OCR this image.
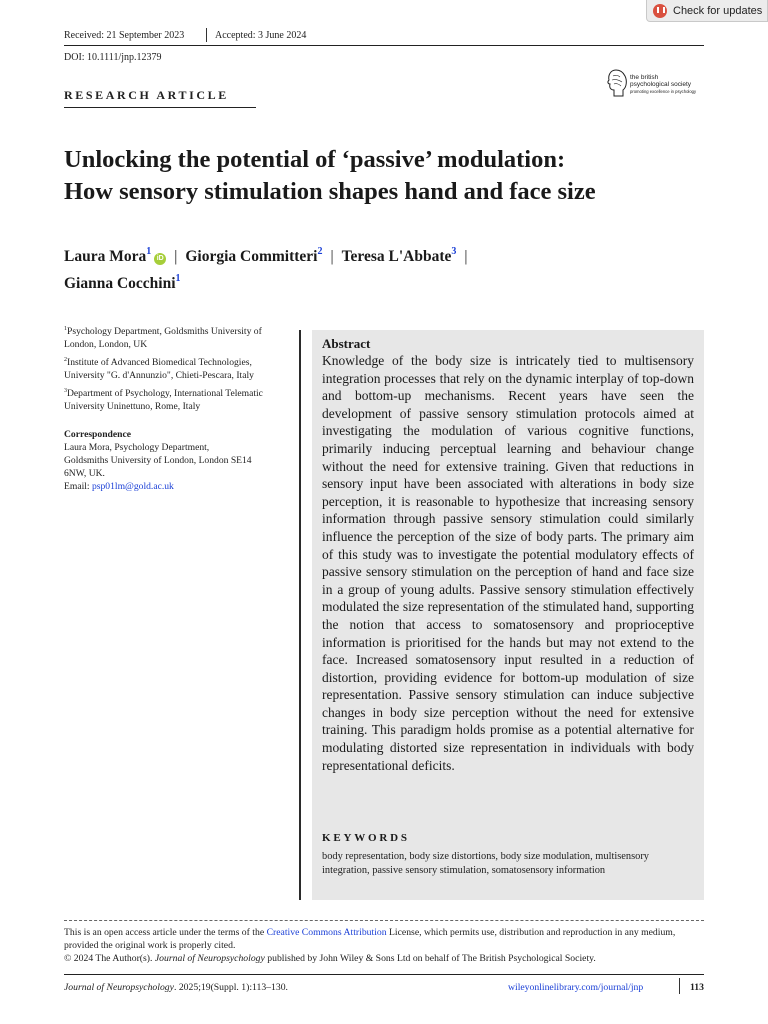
Check for updates
Received: 21 September 2023	Accepted: 3 June 2024
DOI: 10.1111/jnp.12379
RESEARCH ARTICLE
the british
psychological society
promoting excellence in psychology
Unlocking the potential of ‘passive’ modulation:
How sensory stimulation shapes hand and face size
Laura Mora$^1$iD | Giorgia Committeri$^2$ | Teresa L'Abbate$^3$ |
Gianna Cocchini$^1$

$^1$Psychology Department, Goldsmiths University of London, London, UK

$^2$Institute of Advanced Biomedical Technologies, University "G. d'Annunzio", Chieti-Pescara, Italy

$^3$Department of Psychology, International Telematic University Uninettuno, Rome, Italy

Correspondence
Laura Mora, Psychology Department,
Goldsmiths University of London, London SE14
6NW, UK.
Email: psp01lm@gold.ac.uk
Abstract

Knowledge of the body size is intricately tied to multisensory integration processes that rely on the dynamic interplay of top-down and bottom-up mechanisms. Recent years have seen the development of passive sensory stimulation protocols aimed at investigating the modulation of various cognitive functions, primarily inducing perceptual learning and behaviour change without the need for extensive training. Given that reductions in sensory input have been associated with alterations in body size perception, it is reasonable to hypothesize that increasing sensory information through passive sensory stimulation could similarly influence the perception of the size of body parts. The primary aim of this study was to investigate the potential modulatory effects of passive sensory stimulation on the perception of hand and face size in a group of young adults. Passive sensory stimulation effectively modulated the size representation of the stimulated hand, supporting the notion that access to somatosensory and proprioceptive information is prioritised for the hands but may not extend to the face. Increased somatosensory input resulted in a reduction of distortion, providing evidence for bottom-up modulation of size representation. Passive sensory stimulation can induce subjective changes in body size perception without the need for extensive training. This paradigm holds promise as a potential alternative for modulating distorted size representation in individuals with body representational deficits.

KEYWORDS
body representation, body size distortions, body size modulation, multisensory integration, passive sensory stimulation, somatosensory information
This is an open access article under the terms of the Creative Commons Attribution License, which permits use, distribution and reproduction in any medium, provided the original work is properly cited.
© 2024 The Author(s). Journal of Neuropsychology published by John Wiley & Sons Ltd on behalf of The British Psychological Society.
Journal of Neuropsychology. 2025;19(Suppl. 1):113–130.	wileyonlinelibrary.com/journal/jnp	113
